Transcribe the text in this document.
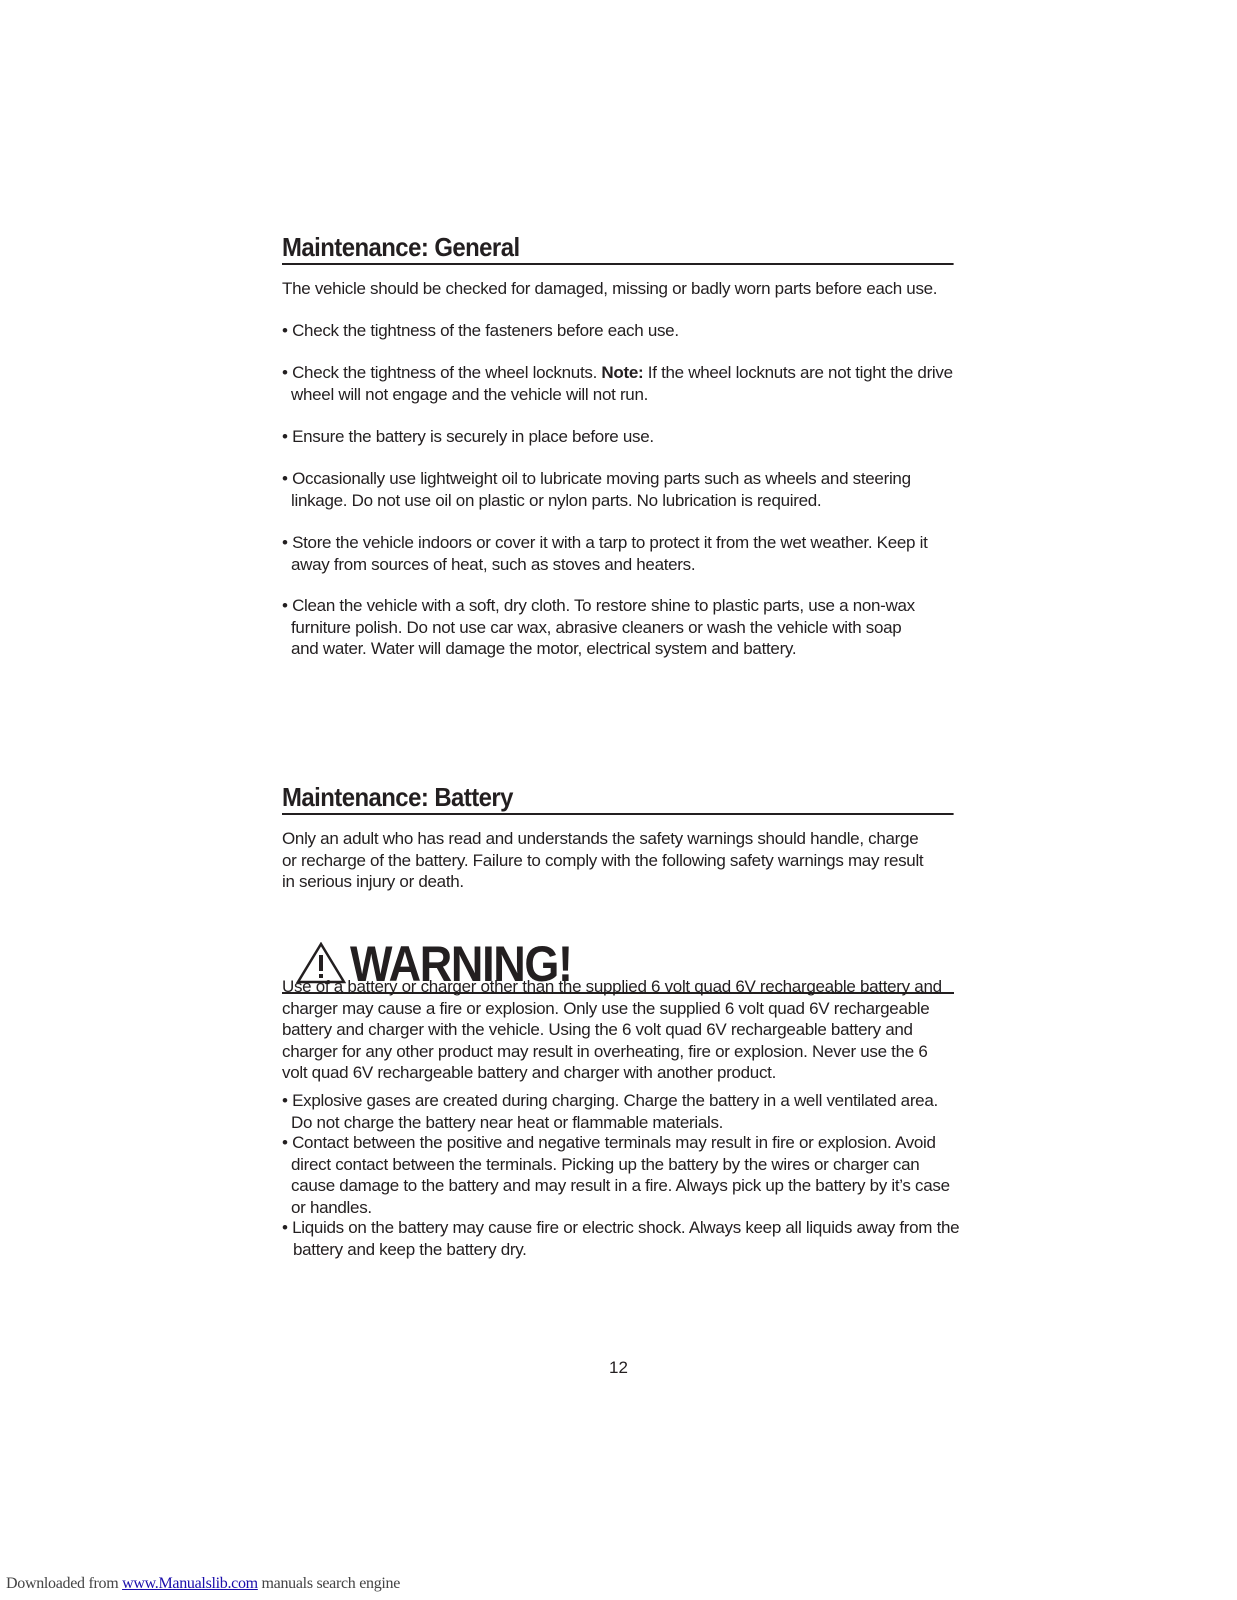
Maintenance: General

The vehicle should be checked for damaged, missing or badly worn parts before each use.

• Check the tightness of the fasteners before each use.

• Check the tightness of the wheel locknuts. Note: If the wheel locknuts are not tight the drive wheel will not engage and the vehicle will not run.

• Ensure the battery is securely in place before use.

• Occasionally use lightweight oil to lubricate moving parts such as wheels and steering linkage. Do not use oil on plastic or nylon parts. No lubrication is required.

• Store the vehicle indoors or cover it with a tarp to protect it from the wet weather. Keep it away from sources of heat, such as stoves and heaters.

• Clean the vehicle with a soft, dry cloth. To restore shine to plastic parts, use a non-wax furniture polish. Do not use car wax, abrasive cleaners or wash the vehicle with soap and water. Water will damage the motor, electrical system and battery.

Maintenance: Battery

Only an adult who has read and understands the safety warnings should handle, charge or recharge of the battery. Failure to comply with the following safety warnings may result in serious injury or death.

WARNING!

Use of a battery or charger other than the supplied 6 volt quad 6V rechargeable battery and charger may cause a fire or explosion. Only use the supplied 6 volt quad 6V rechargeable battery and charger with the vehicle. Using the 6 volt quad 6V rechargeable battery and charger for any other product may result in overheating, fire or explosion. Never use the 6 volt quad 6V rechargeable battery and charger with another product.

• Explosive gases are created during charging. Charge the battery in a well ventilated area. Do not charge the battery near heat or flammable materials.

• Contact between the positive and negative terminals may result in fire or explosion. Avoid direct contact between the terminals. Picking up the battery by the wires or charger can cause damage to the battery and may result in a fire. Always pick up the battery by it’s case or handles.

• Liquids on the battery may cause fire or electric shock. Always keep all liquids away from the battery and keep the battery dry.

12
Downloaded from www.Manualslib.com manuals search engine
